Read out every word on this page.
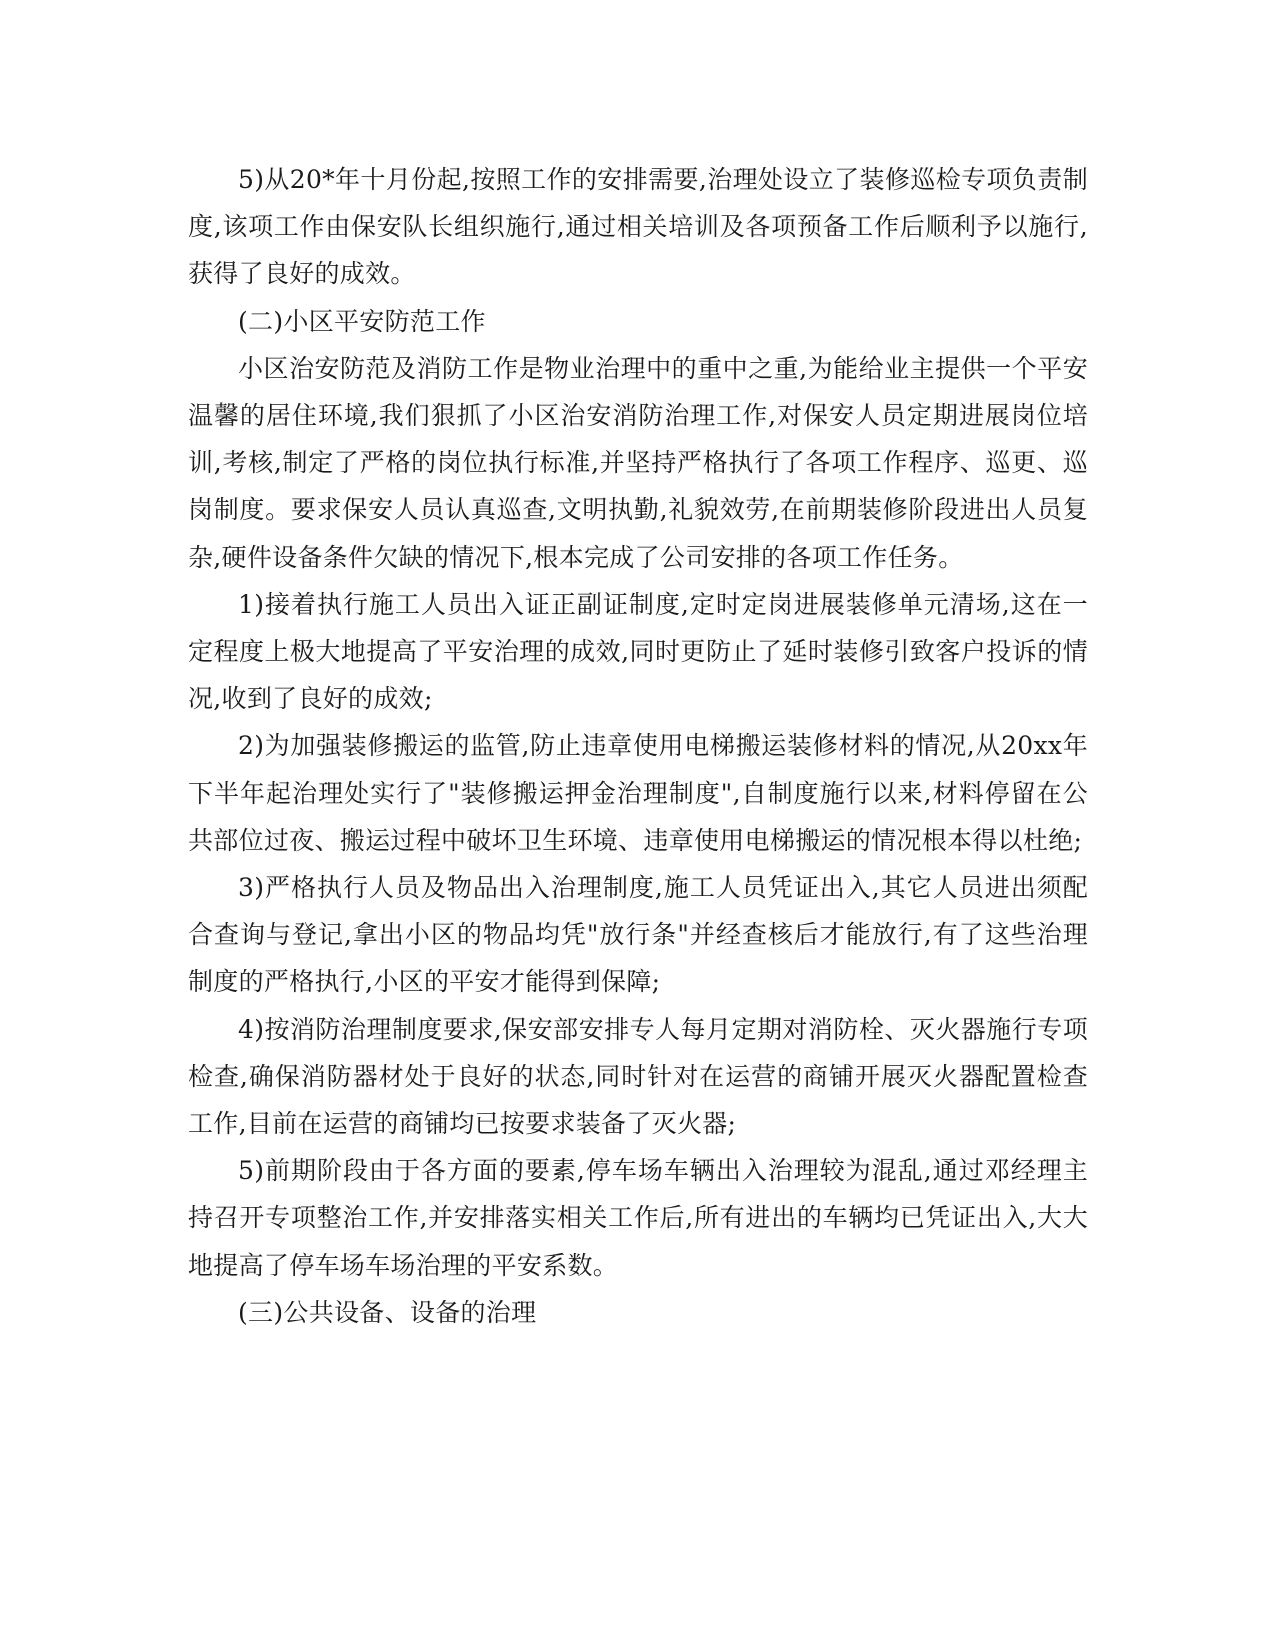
5)从20*年十月份起,按照工作的安排需要,治理处设立了装修巡检专项负责制度,该项工作由保安队长组织施行,通过相关培训及各项预备工作后顺利予以施行,获得了良好的成效。

(二)小区平安防范工作

小区治安防范及消防工作是物业治理中的重中之重,为能给业主提供一个平安温馨的居住环境,我们狠抓了小区治安消防治理工作,对保安人员定期进展岗位培训,考核,制定了严格的岗位执行标准,并坚持严格执行了各项工作程序、巡更、巡岗制度。要求保安人员认真巡查,文明执勤,礼貌效劳,在前期装修阶段进出人员复杂,硬件设备条件欠缺的情况下,根本完成了公司安排的各项工作任务。

1)接着执行施工人员出入证正副证制度,定时定岗进展装修单元清场,这在一定程度上极大地提高了平安治理的成效,同时更防止了延时装修引致客户投诉的情况,收到了良好的成效;

2)为加强装修搬运的监管,防止违章使用电梯搬运装修材料的情况,从20xx年下半年起治理处实行了"装修搬运押金治理制度",自制度施行以来,材料停留在公共部位过夜、搬运过程中破坏卫生环境、违章使用电梯搬运的情况根本得以杜绝;

3)严格执行人员及物品出入治理制度,施工人员凭证出入,其它人员进出须配合查询与登记,拿出小区的物品均凭"放行条"并经查核后才能放行,有了这些治理制度的严格执行,小区的平安才能得到保障;

4)按消防治理制度要求,保安部安排专人每月定期对消防栓、灭火器施行专项检查,确保消防器材处于良好的状态,同时针对在运营的商铺开展灭火器配置检查工作,目前在运营的商铺均已按要求装备了灭火器;

5)前期阶段由于各方面的要素,停车场车辆出入治理较为混乱,通过邓经理主持召开专项整治工作,并安排落实相关工作后,所有进出的车辆均已凭证出入,大大地提高了停车场车场治理的平安系数。

(三)公共设备、设备的治理
